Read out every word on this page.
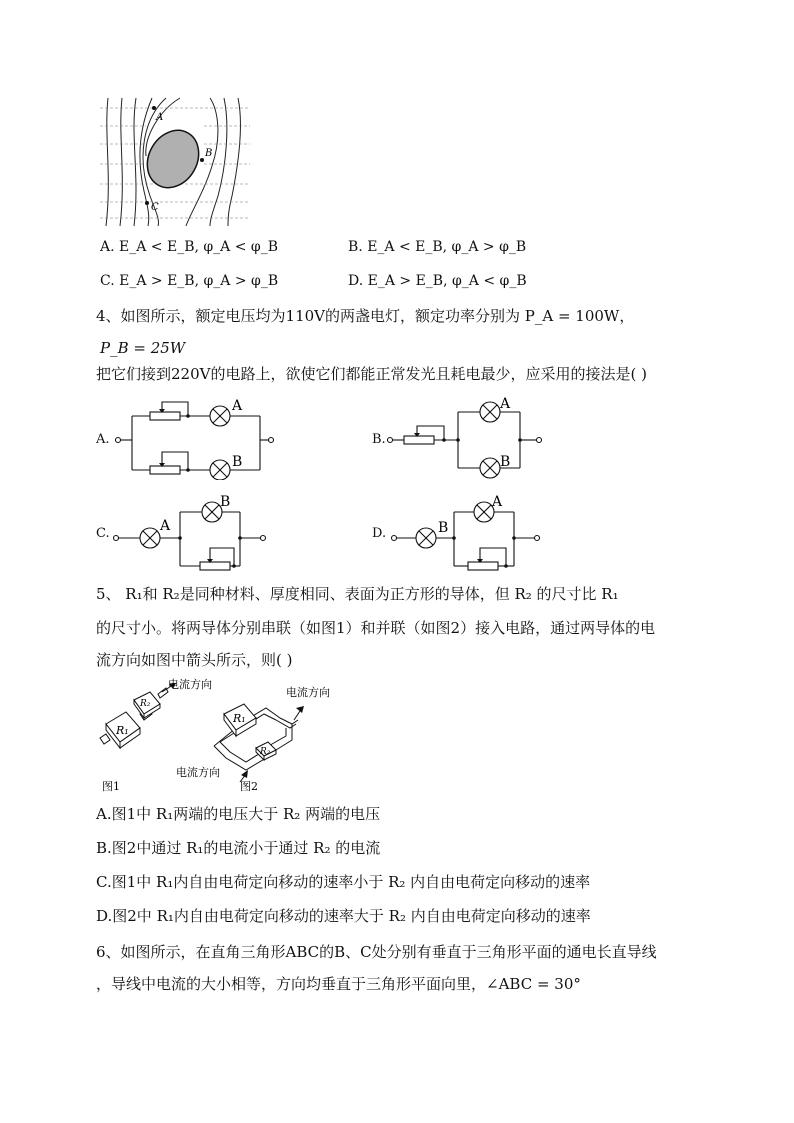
A
B
C
A. E_A < E_B, φ_A < φ_B	B. E_A < E_B, φ_A > φ_B
C. E_A > E_B, φ_A > φ_B	D. E_A > E_B, φ_A < φ_B
4、如图所示，额定电压均为110V的两盏电灯，额定功率分别为 P_A = 100W，
P_B = 25W
把它们接到220V的电路上，欲使它们都能正常发光且耗电最少，应采用的接法是( )
A.
A
B
B.
A
B
C.	A
B
D.	B
A
5、 R₁和 R₂是同种材料、厚度相同、表面为正方形的导体，但 R₂ 的尺寸比 R₁
的尺寸小。将两导体分别串联（如图1）和并联（如图2）接入电路，通过两导体的电
流方向如图中箭头所示，则( )
R₁
R₂
电流方向
图1
R₁
R₂
电流方向
电流方向
图2
A.图1中 R₁两端的电压大于 R₂ 两端的电压
B.图2中通过 R₁的电流小于通过 R₂ 的电流
C.图1中 R₁内自由电荷定向移动的速率小于 R₂ 内自由电荷定向移动的速率
D.图2中 R₁内自由电荷定向移动的速率大于 R₂ 内自由电荷定向移动的速率
6、如图所示，在直角三角形ABC的B、C处分别有垂直于三角形平面的通电长直导线
，导线中电流的大小相等，方向均垂直于三角形平面向里，∠ABC = 30°
